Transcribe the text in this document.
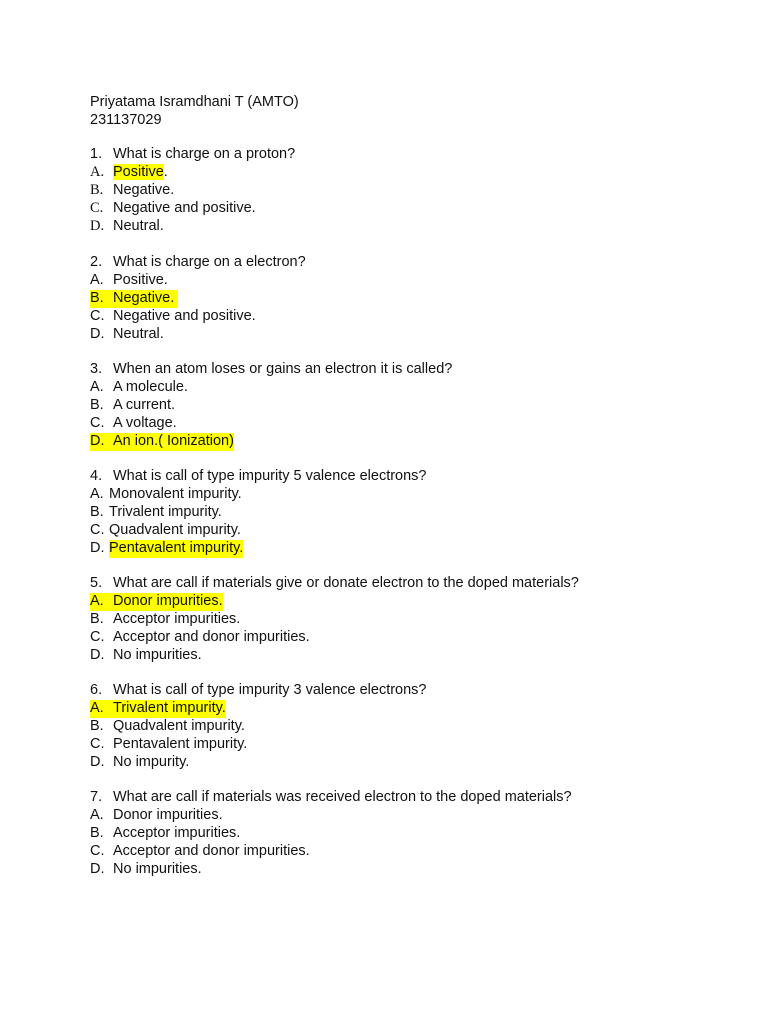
Priyatama Isramdhani T (AMTO)
231137029
1. What is charge on a proton?
A. Positive.
B. Negative.
C. Negative and positive.
D. Neutral.
2. What is charge on a electron?
A. Positive.
B. Negative.

C. Negative and positive.
D. Neutral.
3. When an atom loses or gains an electron it is called?
A. A molecule.
B. A current.
C. A voltage.
D. An ion.( Ionization)
4. What is call of type impurity 5 valence electrons?
A. Monovalent impurity.
B. Trivalent impurity.
C. Quadvalent impurity.
D. Pentavalent impurity.
5. What are call if materials give or donate electron to the doped materials?
A. Donor impurities.
B. Acceptor impurities.
C. Acceptor and donor impurities.
D. No impurities.
6. What is call of type impurity 3 valence electrons?
A. Trivalent impurity.
B. Quadvalent impurity.
C. Pentavalent impurity.
D. No impurity.
7. What are call if materials was received electron to the doped materials?
A. Donor impurities.
B. Acceptor impurities.
C. Acceptor and donor impurities.
D. No impurities.
